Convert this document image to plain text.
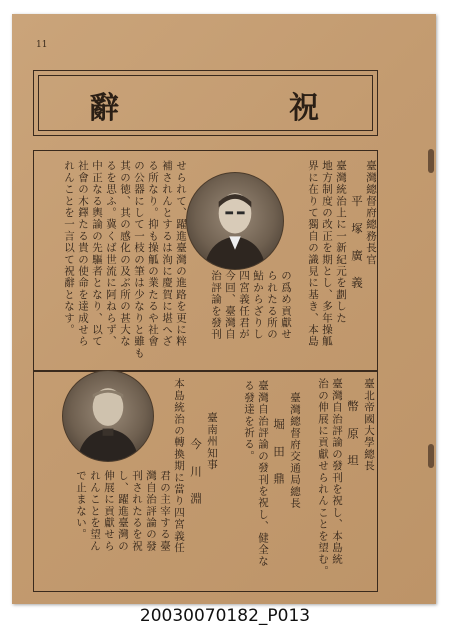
11
辭	祝
臺灣總督府總務長官
平 塚 廣 義
臺灣統治上に一新紀元を劃した
地方制度の改正を期とし、多年操觚
界に在りて獨自の識見に基き、本島
の爲め貢獻せ
られたる所の
鮎からざりし
四宮義任君が
今回、臺灣自
治評論を發刊
せられて、躍進臺灣の進路を更に粹
補されんとするは洵に慶賀に堪へざ
る所なり。抑も操觚の業たるや社會
の公器にして一枝の筆は少なりと雖も
其の徳、其の感化の及ぶ所の甚大な
るを思ふ。冀くば世流に阿ねらず、
中正なる輿論の先驅者となり、以て
社會の木鐸たる貴の使命を達成せら
れんことを一言以て祝辭となす。
臺北帝國大學總長
幣 原 坦
臺灣自治評論の發刊を祝し、本島統
治の伸展に貢獻せられんことを望む。
臺灣總督府交通局總長
堀 田 鼎
臺灣自治評論の發刊を祝し、健全な
る發達を祈る。
臺南州知事
今 川 淵
本島統治の轉換期に當り四宮義任
君の主宰する臺
灣自治評論の發
刊されたるを祝
し、躍進臺灣の
伸展に貢獻せら
れんことを望ん
で止まない。
20030070182_P013
